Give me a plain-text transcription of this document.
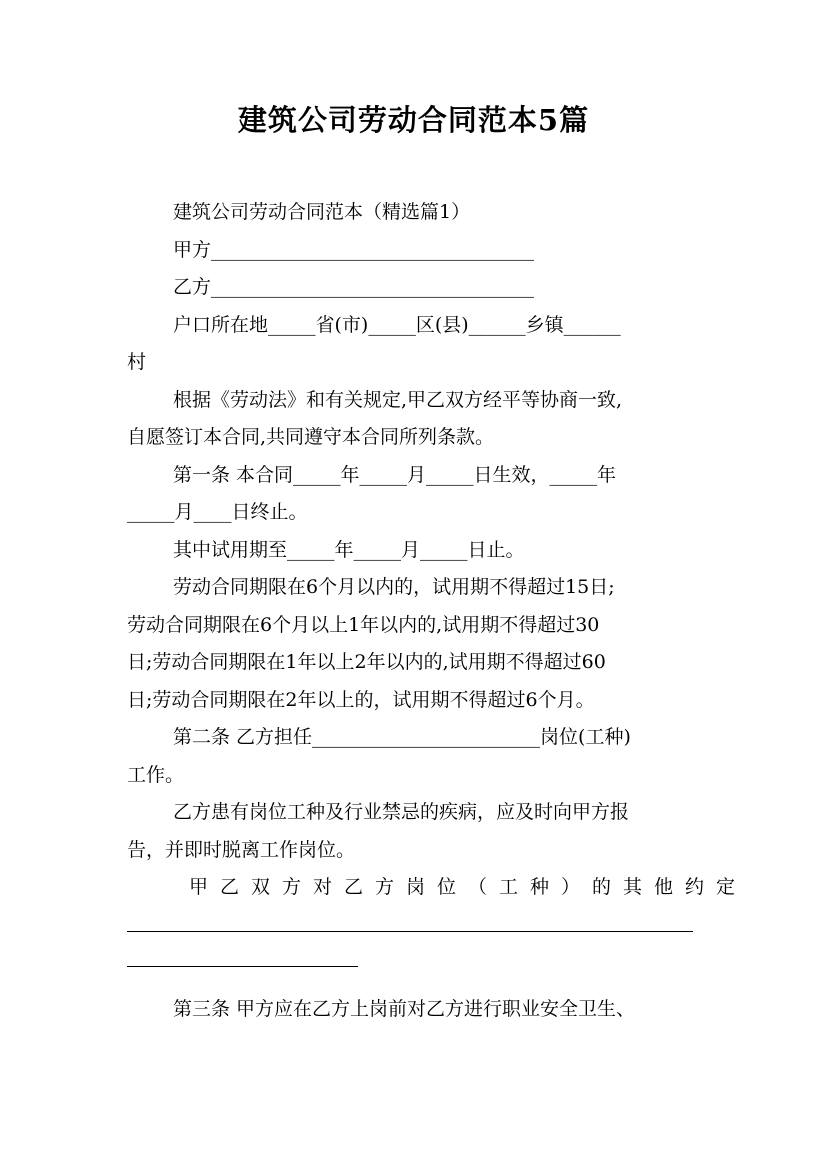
建筑公司劳动合同范本5篇

建筑公司劳动合同范本（精选篇1）

甲方__________________________________

乙方__________________________________

户口所在地_____省(市)_____区(县)______乡镇______

村

根据《劳动法》和有关规定,甲乙双方经平等协商一致,

自愿签订本合同,共同遵守本合同所列条款。

第一条 本合同_____年_____月_____日生效，_____年

_____月____日终止。

其中试用期至_____年_____月_____日止。

劳动合同期限在6个月以内的，试用期不得超过15日;

劳动合同期限在6个月以上1年以内的,试用期不得超过30

日;劳动合同期限在1年以上2年以内的,试用期不得超过60

日;劳动合同期限在2年以上的，试用期不得超过6个月。

第二条 乙方担任________________________岗位(工种)

工作。

乙方患有岗位工种及行业禁忌的疾病，应及时向甲方报

告，并即时脱离工作岗位。

甲乙双方对乙方岗位（工种）的其他约定

第三条 甲方应在乙方上岗前对乙方进行职业安全卫生、
